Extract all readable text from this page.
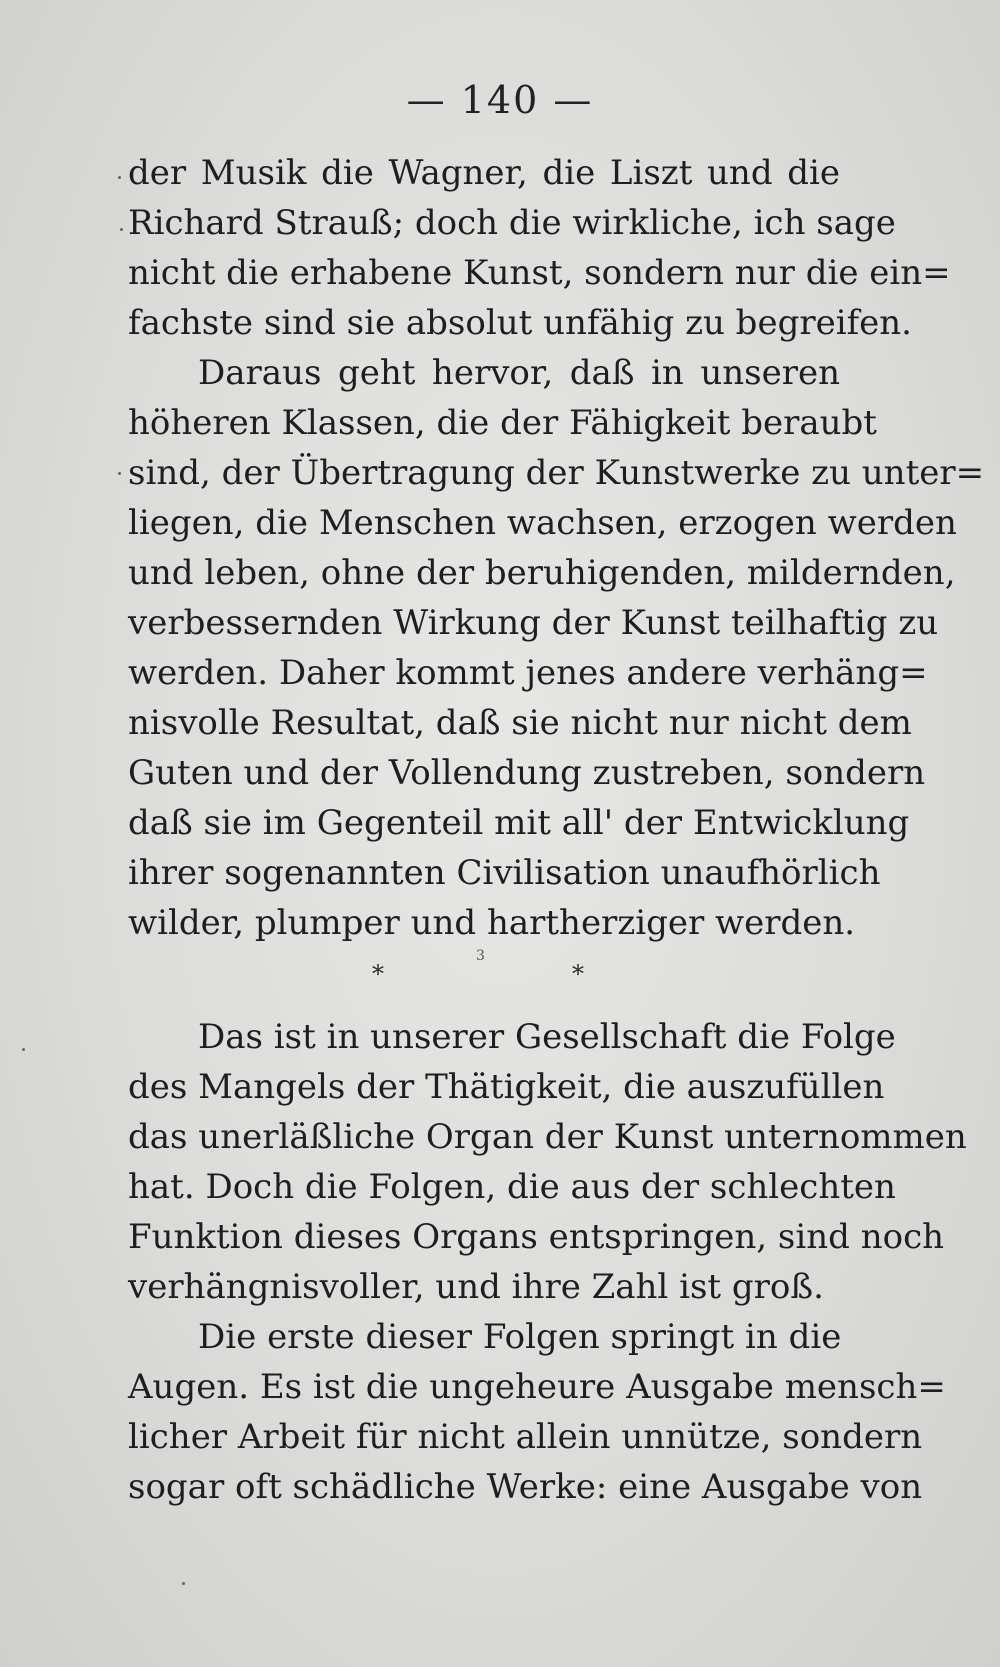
— 140 —
der Musik die Wagner, die Liszt und die
Richard Strauß; doch die wirkliche, ich sage
nicht die erhabene Kunst, sondern nur die ein=
fachste sind sie absolut unfähig zu begreifen.
Daraus geht hervor, daß in unseren
höheren Klassen, die der Fähigkeit beraubt
sind, der Übertragung der Kunstwerke zu unter=
liegen, die Menschen wachsen, erzogen werden
und leben, ohne der beruhigenden, mildernden,
verbessernden Wirkung der Kunst teilhaftig zu
werden. Daher kommt jenes andere verhäng=
nisvolle Resultat, daß sie nicht nur nicht dem
Guten und der Vollendung zustreben, sondern
daß sie im Gegenteil mit all' der Entwicklung
ihrer sogenannten Civilisation unaufhörlich
wilder, plumper und hartherziger werden.
*
3
*
Das ist in unserer Gesellschaft die Folge
des Mangels der Thätigkeit, die auszufüllen
das unerläßliche Organ der Kunst unternommen
hat. Doch die Folgen, die aus der schlechten
Funktion dieses Organs entspringen, sind noch
verhängnisvoller, und ihre Zahl ist groß.
Die erste dieser Folgen springt in die
Augen. Es ist die ungeheure Ausgabe mensch=
licher Arbeit für nicht allein unnütze, sondern
sogar oft schädliche Werke: eine Ausgabe von
